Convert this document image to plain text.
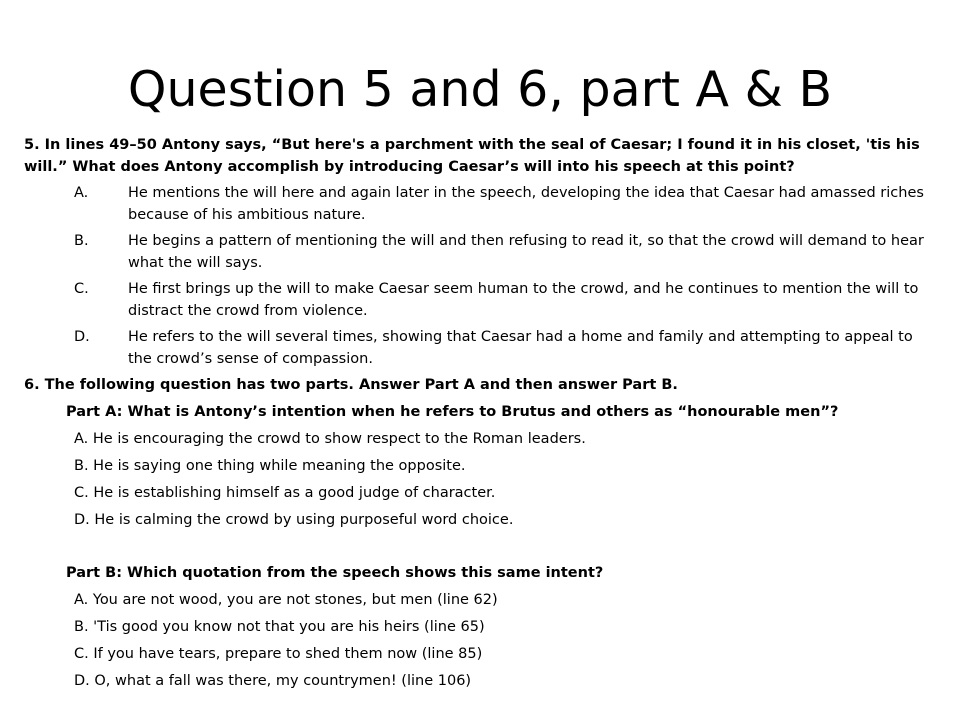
Question 5 and 6, part A & B

5. In lines 49–50 Antony says, “But here's a parchment with the seal of Caesar; I found it in his closet, 'tis his will.” What does Antony accomplish by introducing Caesar’s will into his speech at this point?

A.	He mentions the will here and again later in the speech, developing the idea that Caesar had amassed riches because of his ambitious nature.
B.	He begins a pattern of mentioning the will and then refusing to read it, so that the crowd will demand to hear what the will says.
C.	He first brings up the will to make Caesar seem human to the crowd, and he continues to mention the will to distract the crowd from violence.
D.	He refers to the will several times, showing that Caesar had a home and family and attempting to appeal to the crowd’s sense of compassion.
6. The following question has two parts. Answer Part A and then answer Part B.
Part A: What is Antony’s intention when he refers to Brutus and others as “honourable men”?
A. He is encouraging the crowd to show respect to the Roman leaders.
B. He is saying one thing while meaning the opposite.
C. He is establishing himself as a good judge of character.
D. He is calming the crowd by using purposeful word choice.
Part B: Which quotation from the speech shows this same intent?
A. You are not wood, you are not stones, but men (line 62)
B. 'Tis good you know not that you are his heirs (line 65)
C. If you have tears, prepare to shed them now (line 85)
D. O, what a fall was there, my countrymen! (line 106)
